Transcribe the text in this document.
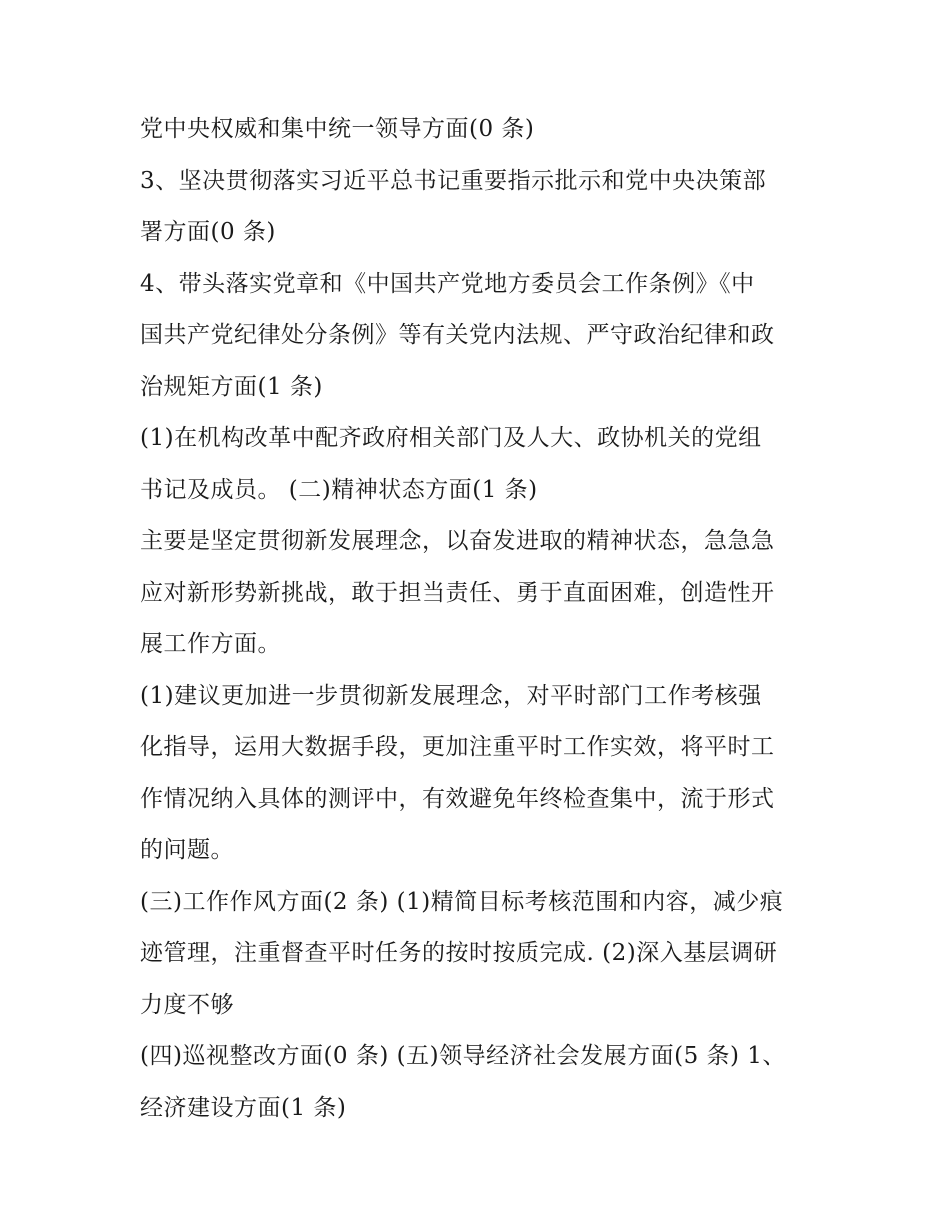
党中央权威和集中统一领导方面(0 条)
3、坚决贯彻落实习近平总书记重要指示批示和党中央决策部
署方面(0 条)
4、带头落实党章和《中国共产党地方委员会工作条例》《中
国共产党纪律处分条例》等有关党内法规、严守政治纪律和政
治规矩方面(1 条)
(1)在机构改革中配齐政府相关部门及人大、政协机关的党组
书记及成员。 (二)精神状态方面(1 条)
主要是坚定贯彻新发展理念，以奋发进取的精神状态，急急急
应对新形势新挑战，敢于担当责任、勇于直面困难，创造性开
展工作方面。
(1)建议更加进一步贯彻新发展理念，对平时部门工作考核强
化指导，运用大数据手段，更加注重平时工作实效，将平时工
作情况纳入具体的测评中，有效避免年终检查集中，流于形式
的问题。
(三)工作作风方面(2 条) (1)精简目标考核范围和内容，减少痕
迹管理，注重督查平时任务的按时按质完成. (2)深入基层调研
力度不够
(四)巡视整改方面(0 条) (五)领导经济社会发展方面(5 条) 1、
经济建设方面(1 条)
